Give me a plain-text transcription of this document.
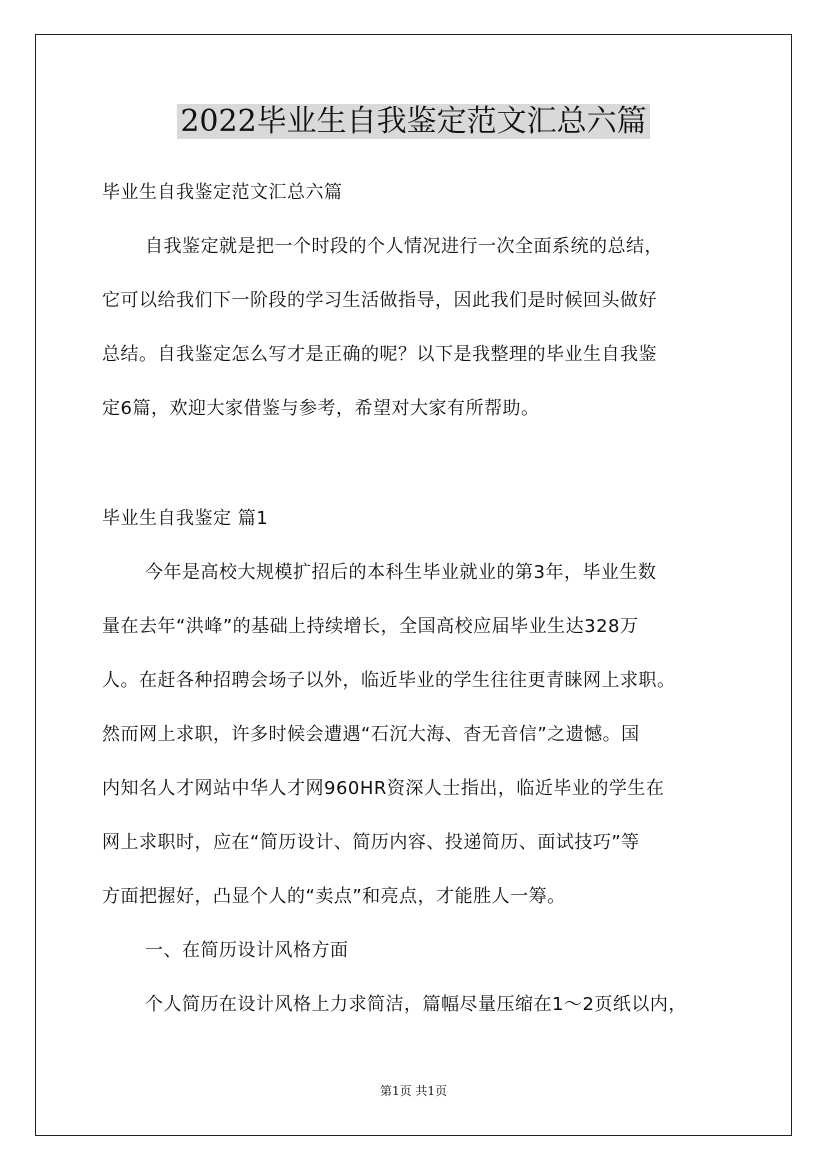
2022毕业生自我鉴定范文汇总六篇
毕业生自我鉴定范文汇总六篇
自我鉴定就是把一个时段的个人情况进行一次全面系统的总结，
它可以给我们下一阶段的学习生活做指导，因此我们是时候回头做好
总结。自我鉴定怎么写才是正确的呢？以下是我整理的毕业生自我鉴
定6篇，欢迎大家借鉴与参考，希望对大家有所帮助。
毕业生自我鉴定 篇1
今年是高校大规模扩招后的本科生毕业就业的第3年，毕业生数
量在去年“洪峰”的基础上持续增长，全国高校应届毕业生达328万
人。在赶各种招聘会场子以外，临近毕业的学生往往更青睐网上求职。
然而网上求职，许多时候会遭遇“石沉大海、杳无音信”之遗憾。国
内知名人才网站中华人才网960HR资深人士指出，临近毕业的学生在
网上求职时，应在“简历设计、简历内容、投递简历、面试技巧”等
方面把握好，凸显个人的“卖点”和亮点，才能胜人一筹。
一、在简历设计风格方面
个人简历在设计风格上力求简洁，篇幅尽量压缩在1～2页纸以内，
第1页 共1页
